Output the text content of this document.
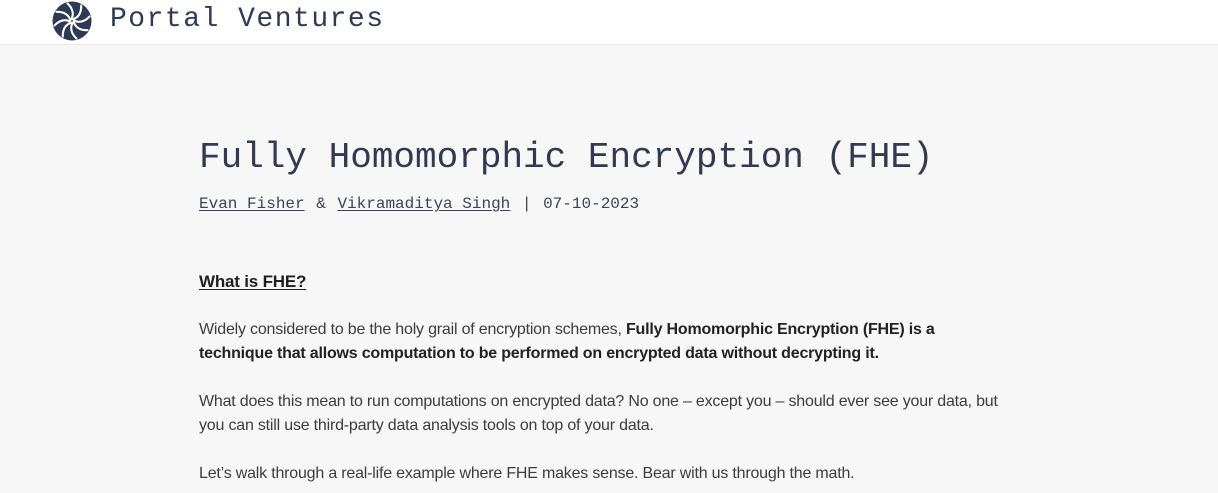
Portal Ventures
Fully Homomorphic Encryption (FHE)
Evan Fisher & Vikramaditya Singh | 07-10-2023
What is FHE?

Widely considered to be the holy grail of encryption schemes, Fully Homomorphic Encryption (FHE) is a technique that allows computation to be performed on encrypted data without decrypting it.

What does this mean to run computations on encrypted data? No one – except you – should ever see your data, but you can still use third-party data analysis tools on top of your data.

Let’s walk through a real-life example where FHE makes sense. Bear with us through the math.
